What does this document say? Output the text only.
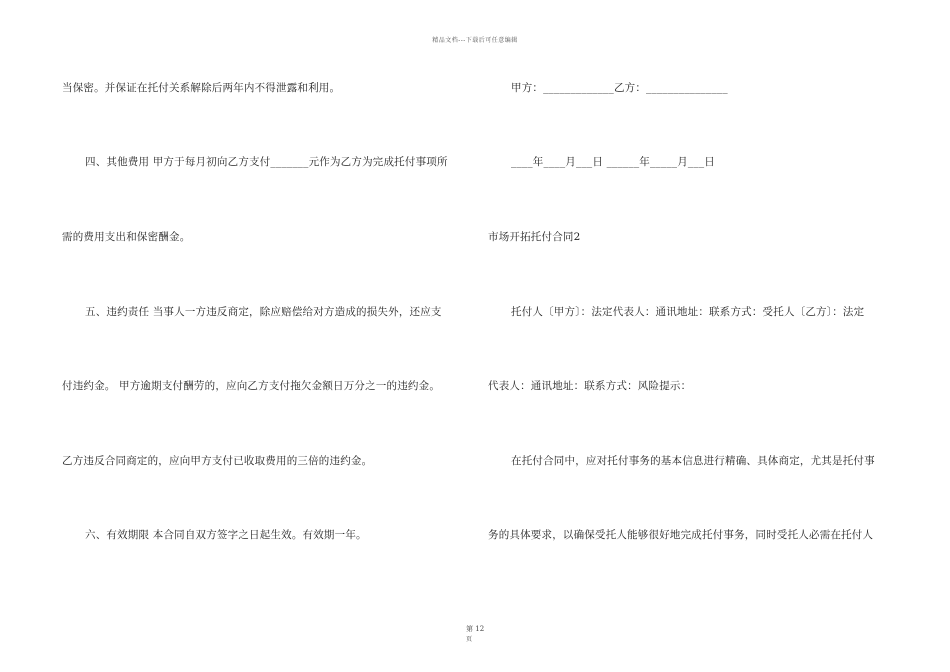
精品文档---下载后可任意编辑
当保密。并保证在托付关系解除后两年内不得泄露和利用。
四、其他费用 甲方于每月初向乙方支付_______元作为乙方为完成托付事项所
需的费用支出和保密酬金。
五、违约责任 当事人一方违反商定，除应赔偿给对方造成的损失外，还应支
付违约金。 甲方逾期支付酬劳的，应向乙方支付拖欠金额日万分之一的违约金。
乙方违反合同商定的，应向甲方支付已收取费用的三倍的违约金。
六、有效期限 本合同自双方签字之日起生效。有效期一年。
甲方：_____________乙方：_______________
____年____月___日 ______年_____月___日
市场开拓托付合同2
托付人〔甲方〕：法定代表人：通讯地址：联系方式：受托人〔乙方〕：法定
代表人：通讯地址：联系方式：风险提示：
在托付合同中，应对托付事务的基本信息进行精确、具体商定，尤其是托付事
务的具体要求，以确保受托人能够很好地完成托付事务，同时受托人必需在托付人
第 12
页
